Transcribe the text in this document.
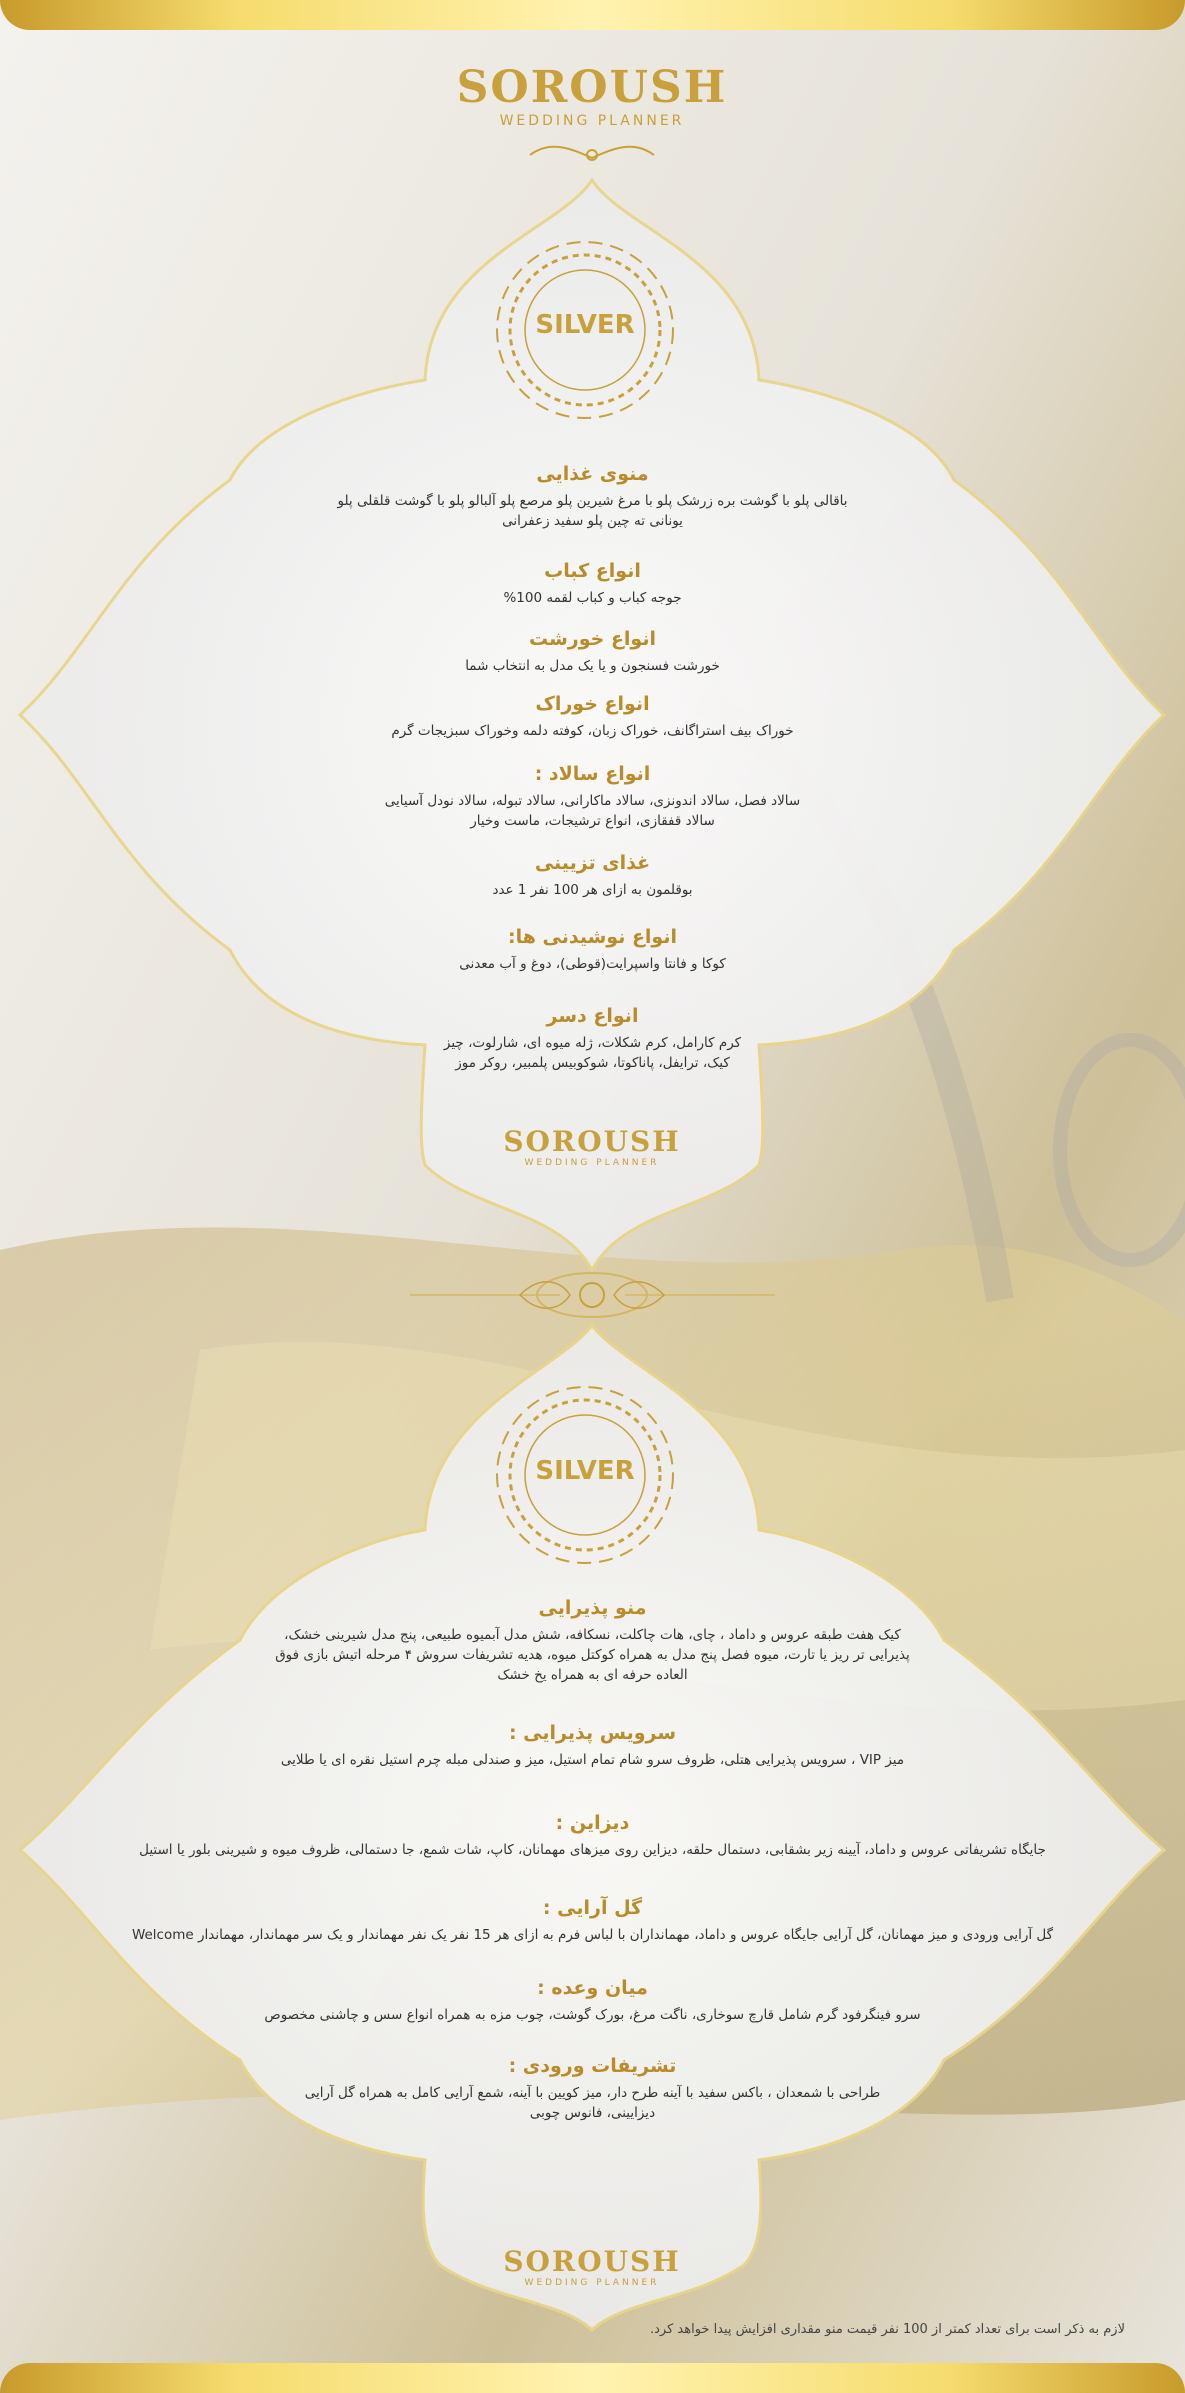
SOROUSH
WEDDING PLANNER
SILVER
منوی غذایی
باقالی پلو با گوشت بره زرشک پلو با مرغ شیرین پلو مرصع پلو آلبالو پلو با گوشت قلقلی پلو
یونانی ته چین پلو سفید زعفرانی
انواع کباب
جوجه کباب و کباب لقمه 100%
انواع خورشت
خورشت فسنجون و یا یک مدل به انتخاب شما
انواع خوراک
خوراک بیف استراگانف، خوراک زبان، کوفته دلمه وخوراک سبزیجات گرم
انواع سالاد :
سالاد فصل، سالاد اندونزی، سالاد ماکارانی، سالاد تبوله، سالاد نودل آسیایی
سالاد قفقازی، انواع ترشیجات، ماست وخیار
غذای تزیینی
بوقلمون به ازای هر 100 نفر 1 عدد
انواع نوشیدنی ها:
کوکا و فانتا واسپرایت(قوطی)، دوغ و آب معدنی
انواع دسر
کرم کارامل، کرم شکلات، ژله میوه ای، شارلوت، چیز
کیک، ترایفل، پاناکوتا، شوکوبیس پلمبیر، روکر موز
SOROUSH
WEDDING PLANNER
SILVER
منو پذیرایی
کیک هفت طبقه عروس و داماد ، چای، هات چاکلت، نسکافه، شش مدل آبمیوه طبیعی، پنج مدل شیرینی خشک،
پذیرایی تر ریز یا تارت، میوه فصل پنج مدل به همراه کوکتل میوه، هدیه تشریفات سروش ۴ مرحله اتیش بازی فوق
العاده حرفه ای به همراه یخ خشک
سرویس پذیرایی :
میز VIP ، سرویس پذیرایی هتلی، ظروف سرو شام تمام استیل، میز و صندلی مبله چرم استیل نقره ای یا طلایی
دیزاین :
جایگاه تشریفاتی عروس و داماد، آیینه زیر بشقابی، دستمال حلقه، دیزاین روی میزهای مهمانان، کاپ، شات شمع، جا دستمالی، ظروف میوه و شیرینی بلور یا استیل
گل آرایی :
گل آرایی ورودی و میز مهمانان، گل آرایی جایگاه عروس و داماد، مهمانداران با لباس فرم به ازای هر 15 نفر یک نفر مهماندار و یک سر مهماندار، مهماندار Welcome
میان وعده :
سرو فینگرفود گرم شامل قارچ سوخاری، ناگت مرغ، بورک گوشت، چوب مزه به همراه انواع سس و چاشنی مخصوص
تشریفات ورودی :
طراحی با شمعدان ، باکس سفید با آینه طرح دار، میز کویین با آینه، شمع آرایی کامل به همراه گل آرایی
دیزایینی، فانوس چوبی
SOROUSH
WEDDING PLANNER
لازم به ذکر است برای تعداد کمتر از 100 نفر قیمت منو مقداری افزایش پیدا خواهد کرد.
